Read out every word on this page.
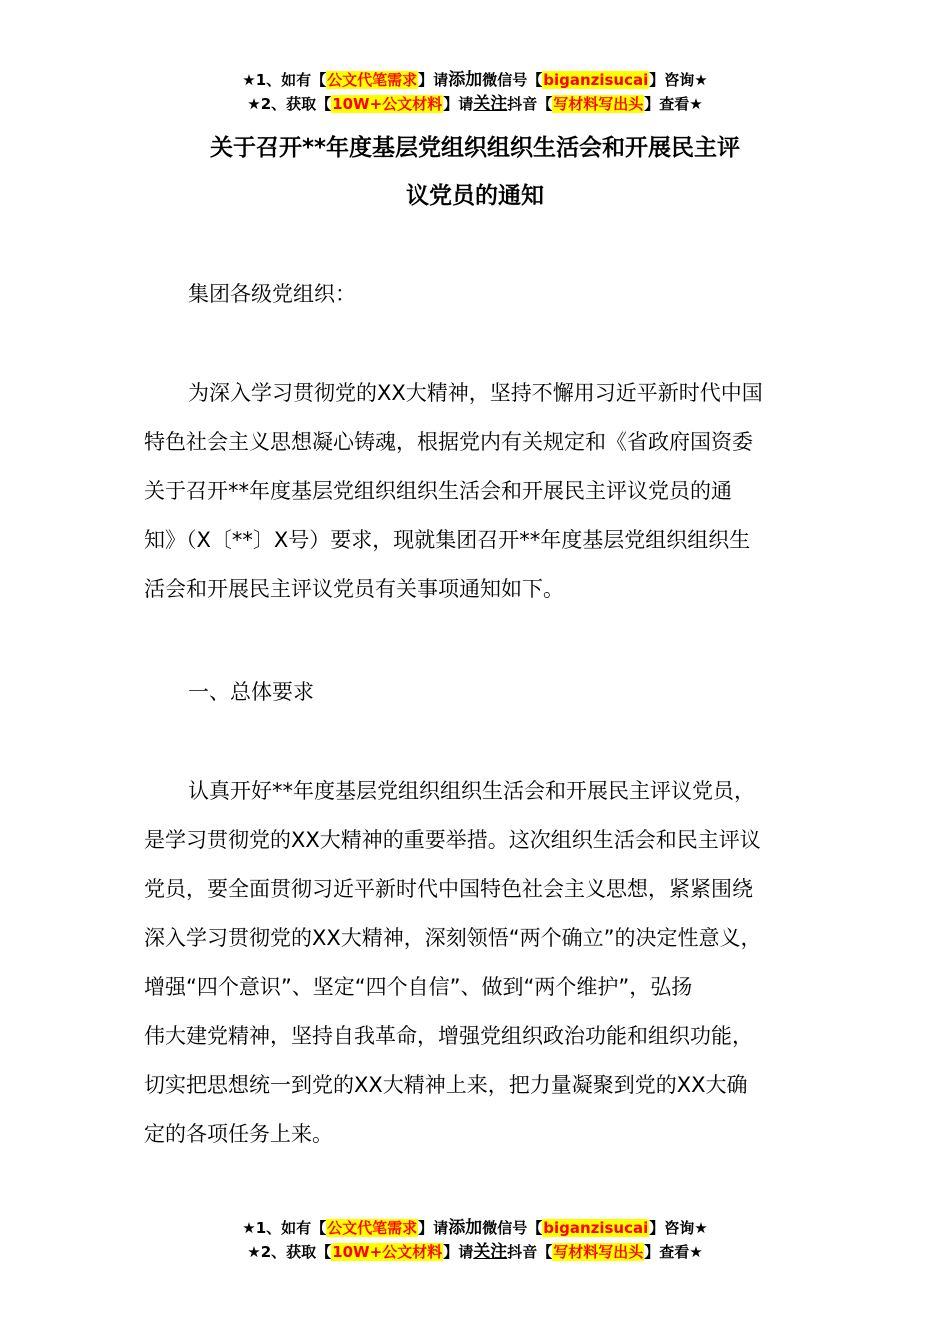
★1、如有【公文代笔需求】请添加微信号【biganzisucai】咨询★
★2、获取【10W+公文材料】请关注抖音【写材料写出头】查看★
关于召开**年度基层党组织组织生活会和开展民主评
议党员的通知

集团各级党组织：

为深入学习贯彻党的XX大精神，坚持不懈用习近平新时代中国
特色社会主义思想凝心铸魂，根据党内有关规定和《省政府国资委
关于召开**年度基层党组织组织生活会和开展民主评议党员的通
知》（X〔**〕X号）要求，现就集团召开**年度基层党组织组织生
活会和开展民主评议党员有关事项通知如下。

一、总体要求

认真开好**年度基层党组织组织生活会和开展民主评议党员，
是学习贯彻党的XX大精神的重要举措。这次组织生活会和民主评议
党员，要全面贯彻习近平新时代中国特色社会主义思想，紧紧围绕
深入学习贯彻党的XX大精神，深刻领悟“两个确立”的决定性意义，
增强“四个意识”、坚定“四个自信”、做到“两个维护”，弘扬
伟大建党精神，坚持自我革命，增强党组织政治功能和组织功能，
切实把思想统一到党的XX大精神上来，把力量凝聚到党的XX大确
定的各项任务上来。
★1、如有【公文代笔需求】请添加微信号【biganzisucai】咨询★
★2、获取【10W+公文材料】请关注抖音【写材料写出头】查看★
